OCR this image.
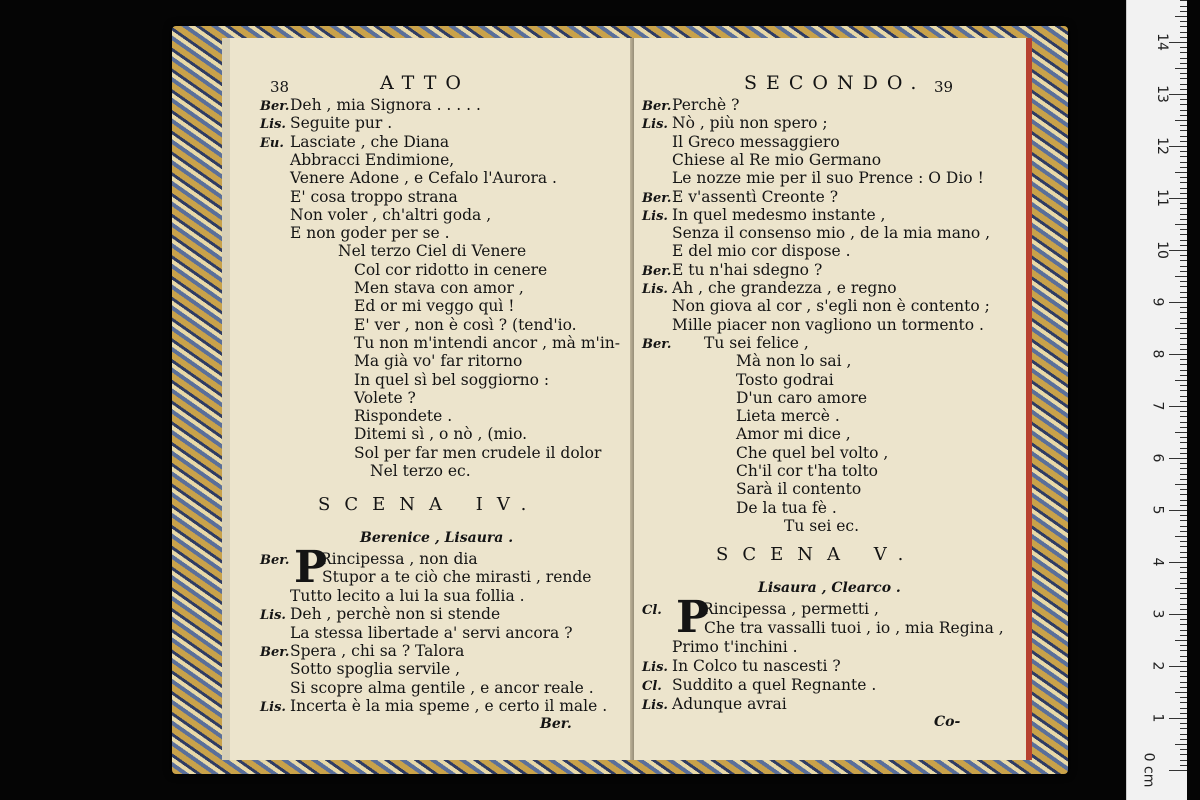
38	ATTO
Ber.Deh , mia Signora . . . . .
Lis. Seguite pur .
Eu. Lasciate , che Diana
Abbracci Endimione,
Venere Adone , e Cefalo l'Aurora .
E' cosa troppo strana
Non voler , ch'altri goda ,
E non goder per se .
Nel terzo Ciel di Venere
Col cor ridotto in cenere
Men stava con amor ,
Ed or mi veggo quì !
E' ver , non è così ? (tend'io.
Tu non m'intendi ancor , mà m'in-
Ma già vo' far ritorno
In quel sì bel soggiorno :
Volete ?
Rispondete .
Ditemi sì , o nò , (mio.
Sol per far men crudele il dolor
Nel terzo ec.
SCENA IV.
Berenice , Lisaura .
Ber. P
Rincipessa , non dia
Stupor a te ciò che mirasti , rende
Tutto lecito a lui la sua follia .
Lis. Deh , perchè non si stende
La stessa libertade a' servi ancora ?
Ber.Spera , chi sa ? Talora
Sotto spoglia servile ,
Si scopre alma gentile , e ancor reale .
Lis. Incerta è la mia speme , e certo il male .
Ber.
SECONDO. 39
Ber.Perchè ?
Lis. Nò , più non spero ;
Il Greco messaggiero
Chiese al Re mio Germano
Le nozze mie per il suo Prence : O Dio !
Ber.E v'assentì Creonte ?
Lis. In quel medesmo instante ,
Senza il consenso mio , de la mia mano ,
E del mio cor dispose .
Ber.E tu n'hai sdegno ?
Lis. Ah , che grandezza , e regno
Non giova al cor , s'egli non è contento ;
Mille piacer non vagliono un tormento .
Ber. Tu sei felice ,
Mà non lo sai ,
Tosto godrai
D'un caro amore
Lieta mercè .
Amor mi dice ,
Che quel bel volto ,
Ch'il cor t'ha tolto
Sarà il contento
De la tua fè .
Tu sei ec.
SCENA V.
Lisaura , Clearco .
Cl. P
Rincipessa , permetti ,
Che tra vassalli tuoi , io , mia Regina ,
Primo t'inchini .
Lis. In Colco tu nascesti ?
Cl. Suddito a quel Regnante .
Lis. Adunque avrai
Co-
0 cm
1
2
3
4
5
6
7
8
9
10
11
12
13
14
